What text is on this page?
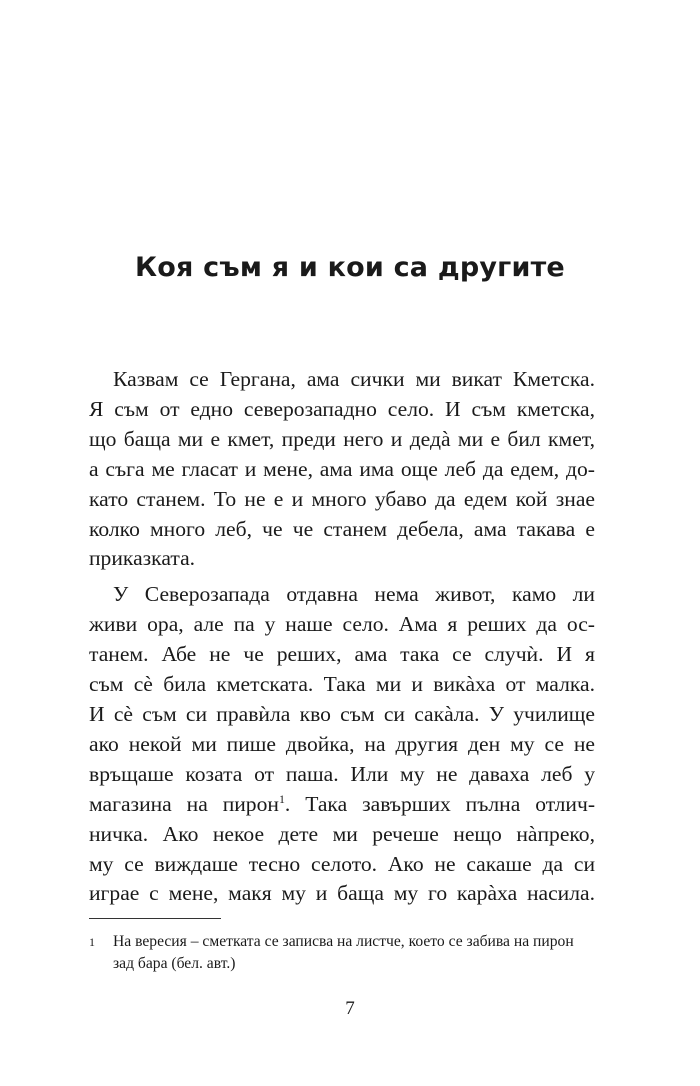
Коя съм я и кои са другите

Казвам се Гергана, ама сички ми викат Кметска.
Я съм от едно северозападно село. И съм кметска,
що баща ми е кмет, преди него и дедà ми е бил кмет,
а съга ме гласат и мене, ама има още леб да едем, до-
като станем. То не е и много убаво да едем кой знае
колко много леб, че че станем дебела, ама такава е
приказката.

У Северозапада отдавна нема живот, камо ли
живи ора, але па у наше село. Ама я реших да ос-
танем. Абе не че реших, ама така се случѝ. И я
съм сè била кметската. Така ми и викàха от малка.
И сè съм си правѝла кво съм си сакàла. У училище
ако некой ми пише двойка, на другия ден му се не
връщаше козата от паша. Или му не даваха леб у
магазина на пирон$^1$. Така завърших пълна отлич-
ничка. Ако некое дете ми речеше нещо нàпреко,
му се виждаше тесно селото. Ако не сакаше да си
играе с мене, макя му и баща му го карàха насила.

1 На вересия – сметката се записва на листче, което се забива на пирон зад бара (бел. авт.)
7
